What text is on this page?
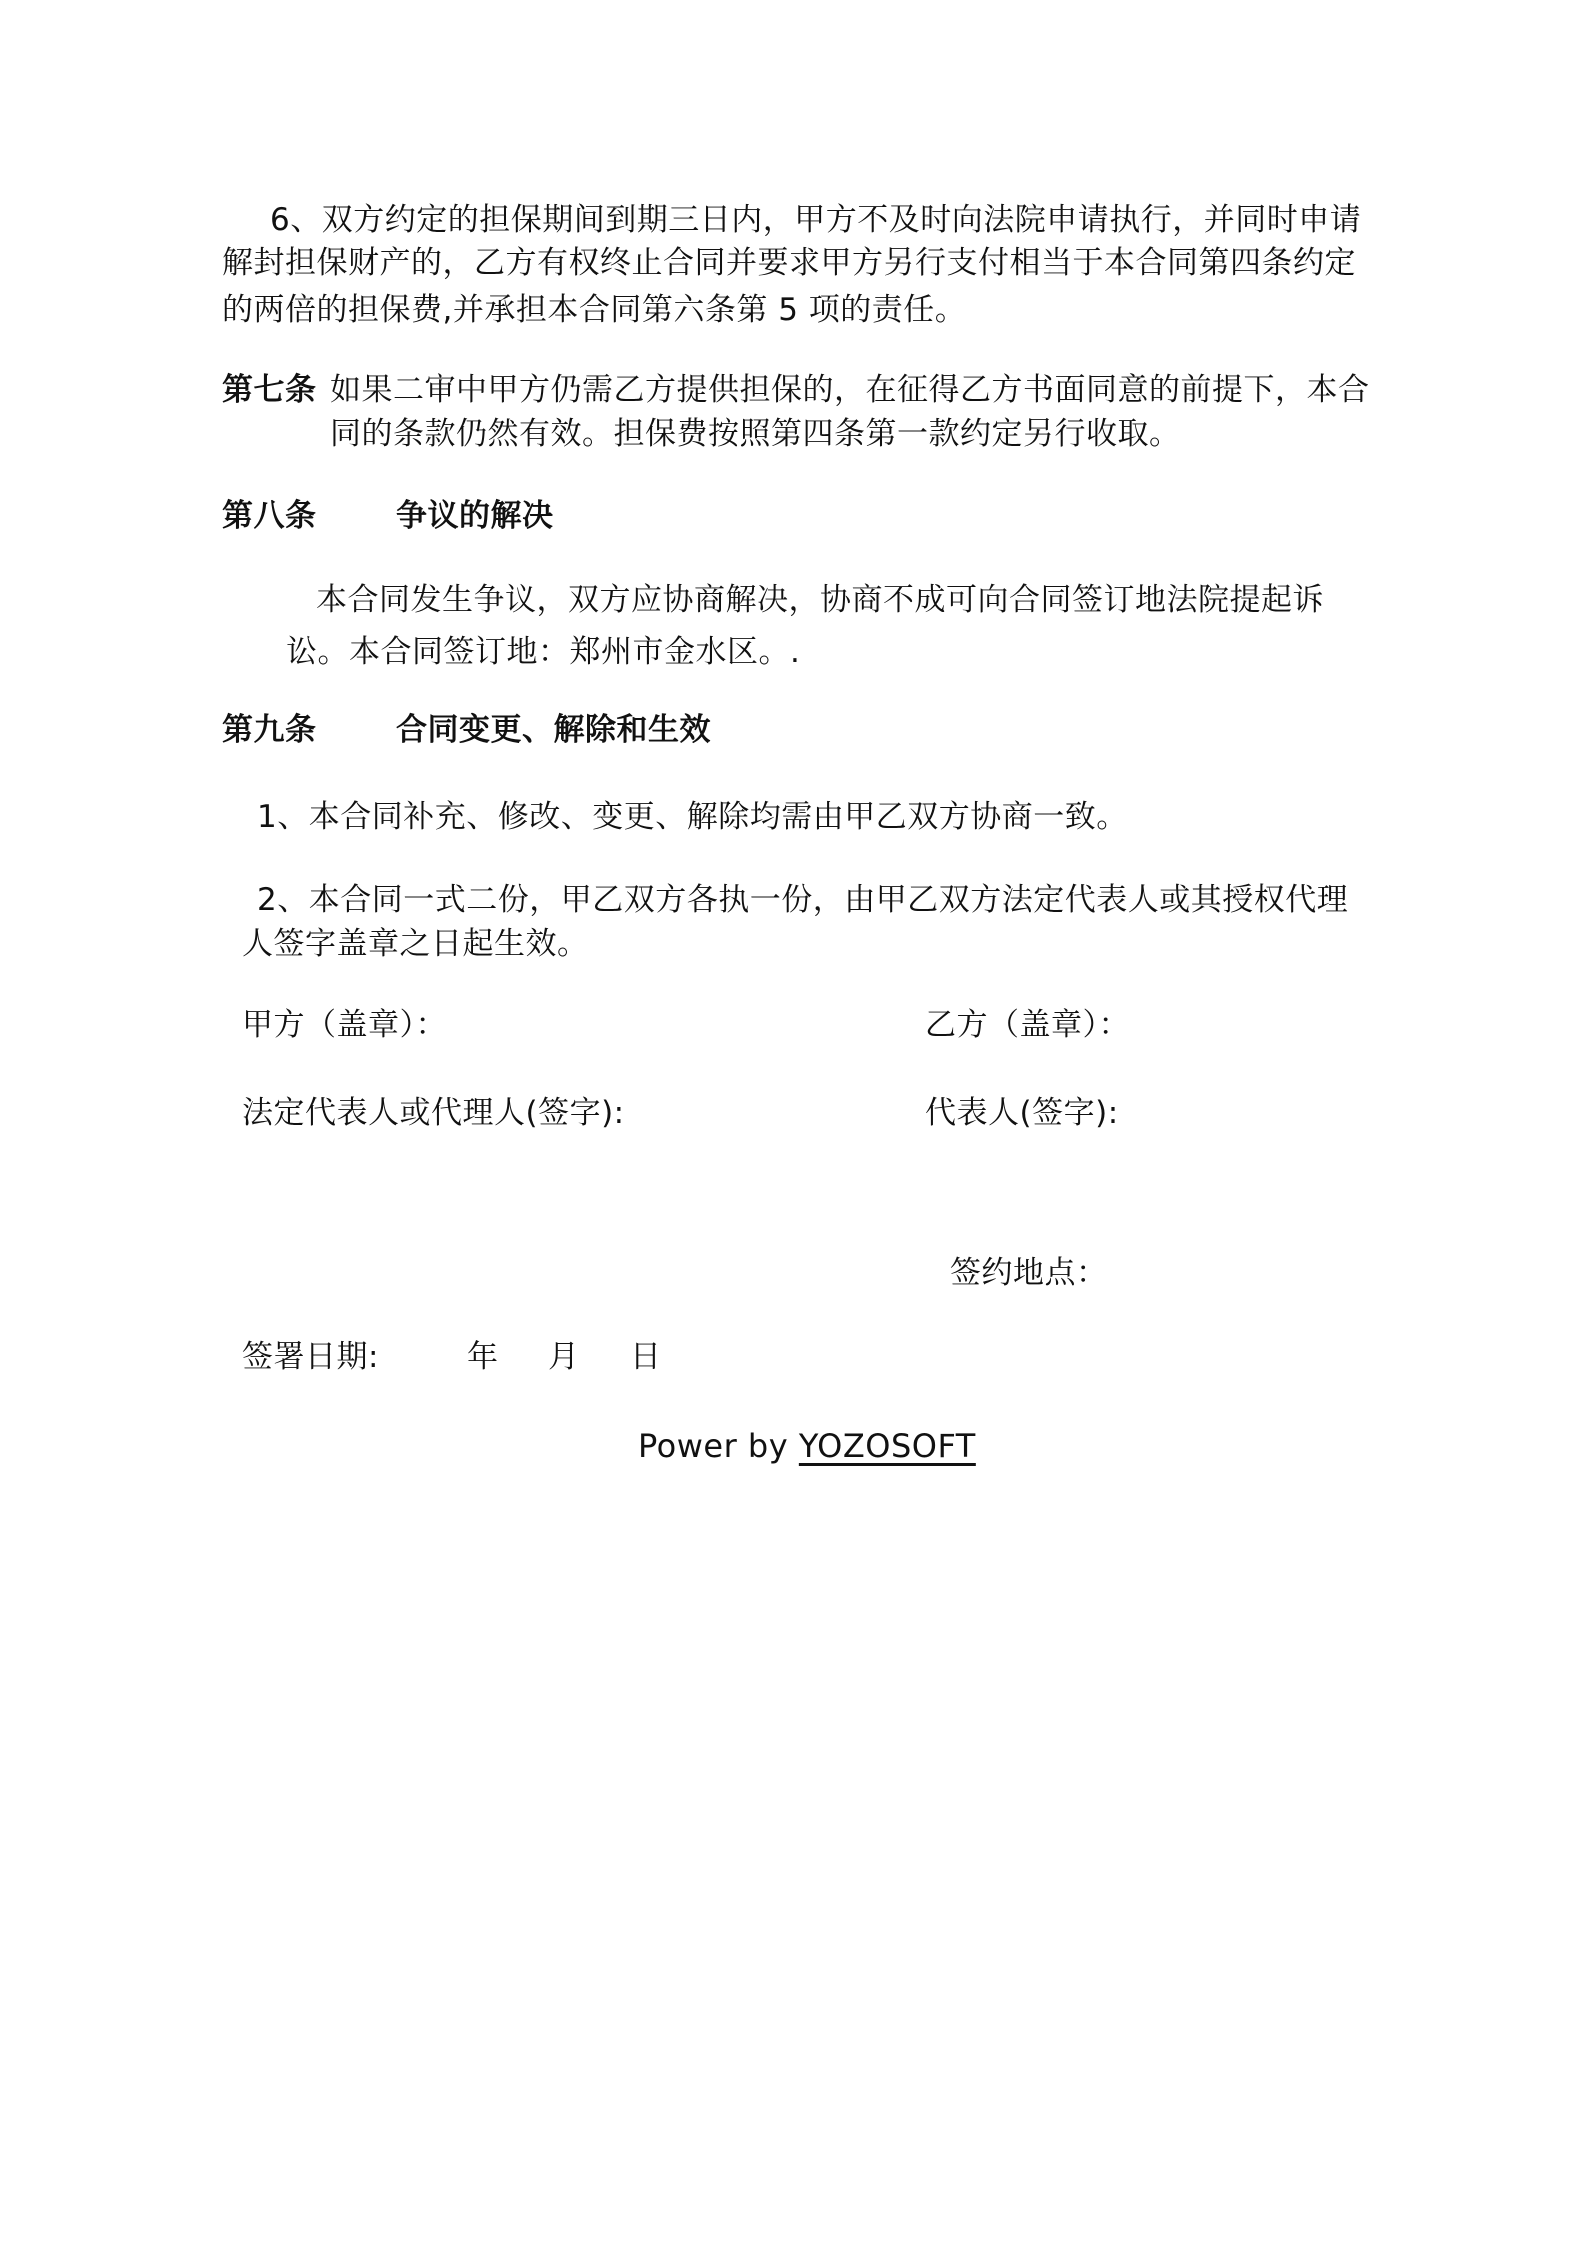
6、双方约定的担保期间到期三日内，甲方不及时向法院申请执行，并同时申请
解封担保财产的，乙方有权终止合同并要求甲方另行支付相当于本合同第四条约定
的两倍的担保费,并承担本合同第六条第 5 项的责任。
第七条 如果二审中甲方仍需乙方提供担保的，在征得乙方书面同意的前提下，本合
同的条款仍然有效。担保费按照第四条第一款约定另行收取。
第八条	争议的解决
本合同发生争议，双方应协商解决，协商不成可向合同签订地法院提起诉
讼。本合同签订地：郑州市金水区。.
第九条	合同变更、解除和生效
1、本合同补充、修改、变更、解除均需由甲乙双方协商一致。
2、本合同一式二份，甲乙双方各执一份，由甲乙双方法定代表人或其授权代理
人签字盖章之日起生效。
甲方（盖章）：	乙方（盖章）：
法定代表人或代理人(签字):	代表人(签字):
签约地点：
签署日期:	年 月 日
Power by YOZOSOFT
